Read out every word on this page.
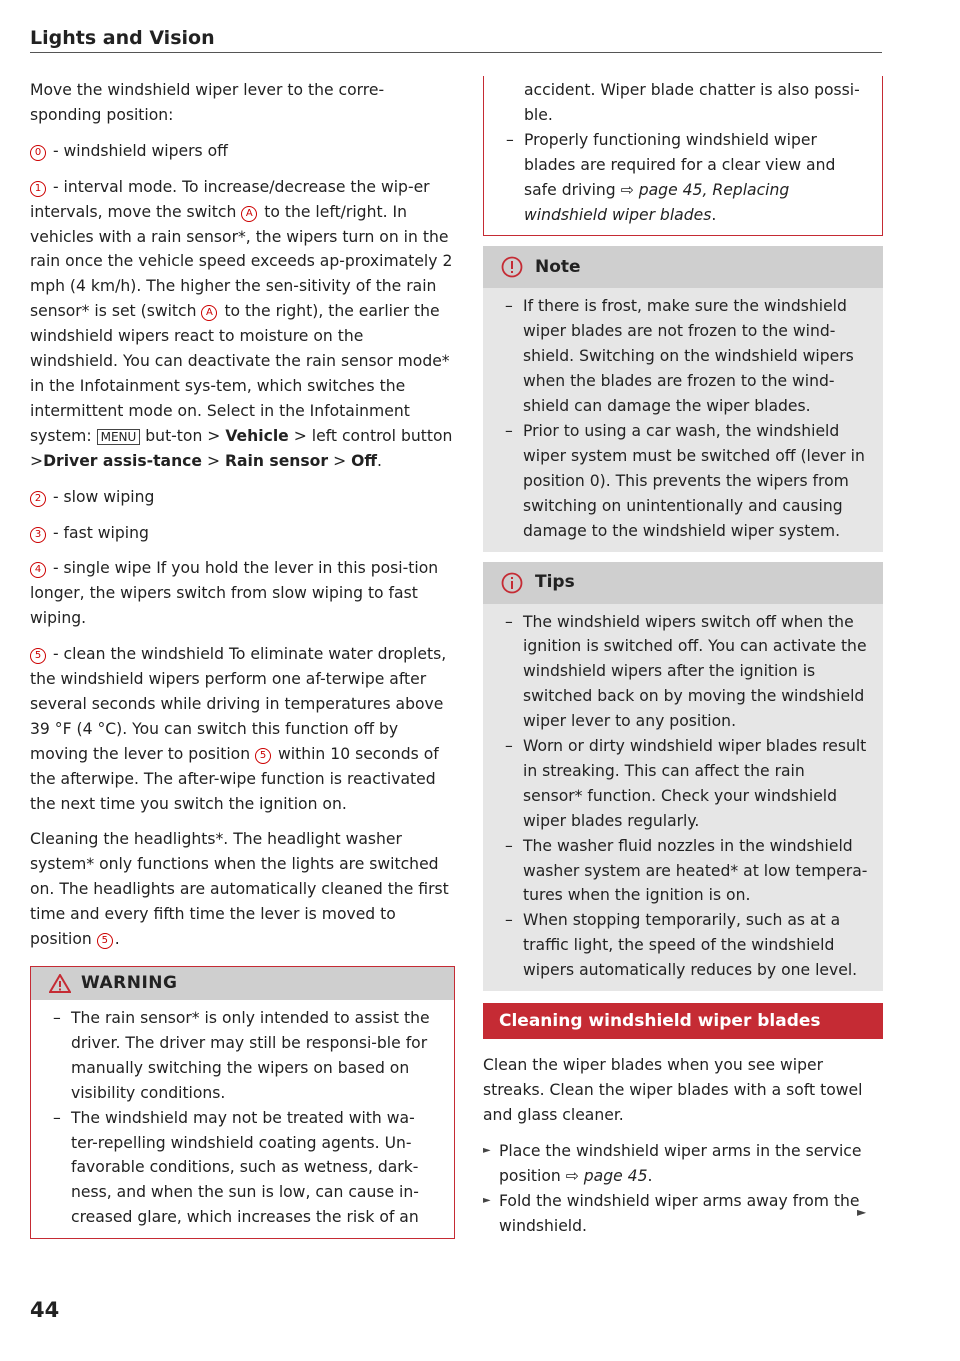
Lights and Vision

Move the windshield wiper lever to the corre-sponding position:

0 - windshield wipers off

1 - interval mode. To increase/decrease the wip-er intervals, move the switch A to the left/right. In vehicles with a rain sensor*, the wipers turn on in the rain once the vehicle speed exceeds ap-proximately 2 mph (4 km/h). The higher the sen-sitivity of the rain sensor* is set (switch A to the right), the earlier the windshield wipers react to moisture on the windshield. You can deactivate the rain sensor mode* in the Infotainment sys-tem, which switches the intermittent mode on. Select in the Infotainment system: MENU but-ton > Vehicle > left control button >Driver assis-tance > Rain sensor > Off.

2 - slow wiping

3 - fast wiping

4 - single wipe If you hold the lever in this posi-tion longer, the wipers switch from slow wiping to fast wiping.

5 - clean the windshield To eliminate water droplets, the windshield wipers perform one af-terwipe after several seconds while driving in temperatures above 39 °F (4 °C). You can switch this function off by moving the lever to position 5 within 10 seconds of the afterwipe. The after-wipe function is reactivated the next time you switch the ignition on.

Cleaning the headlights*. The headlight washer system* only functions when the lights are switched on. The headlights are automatically cleaned the first time and every fifth time the lever is moved to position 5 .

WARNING
– The rain sensor* is only intended to assist the driver. The driver may still be responsi-ble for manually switching the wipers on based on visibility conditions.
– The windshield may not be treated with wa-ter-repelling windshield coating agents. Un-favorable conditions, such as wetness, dark-ness, and when the sun is low, can cause in-creased glare, which increases the risk of an
accident. Wiper blade chatter is also possi-ble.
– Properly functioning windshield wiper blades are required for a clear view and safe driving ⇨ page 45, Replacing windshield wiper blades.
Note
– If there is frost, make sure the windshield wiper blades are not frozen to the wind-shield. Switching on the windshield wipers when the blades are frozen to the wind-shield can damage the wiper blades.
– Prior to using a car wash, the windshield wiper system must be switched off (lever in position 0). This prevents the wipers from switching on unintentionally and causing damage to the windshield wiper system.
Tips
– The windshield wipers switch off when the ignition is switched off. You can activate the windshield wipers after the ignition is switched back on by moving the windshield wiper lever to any position.
– Worn or dirty windshield wiper blades result in streaking. This can affect the rain sensor* function. Check your windshield wiper blades regularly.
– The washer fluid nozzles in the windshield washer system are heated* at low tempera-tures when the ignition is on.
– When stopping temporarily, such as at a traffic light, the speed of the windshield wipers automatically reduces by one level.
Cleaning windshield wiper blades

Clean the wiper blades when you see wiper streaks. Clean the wiper blades with a soft towel and glass cleaner.

► Place the windshield wiper arms in the service position ⇨ page 45.
► Fold the windshield wiper arms away from the windshield.
►
44
